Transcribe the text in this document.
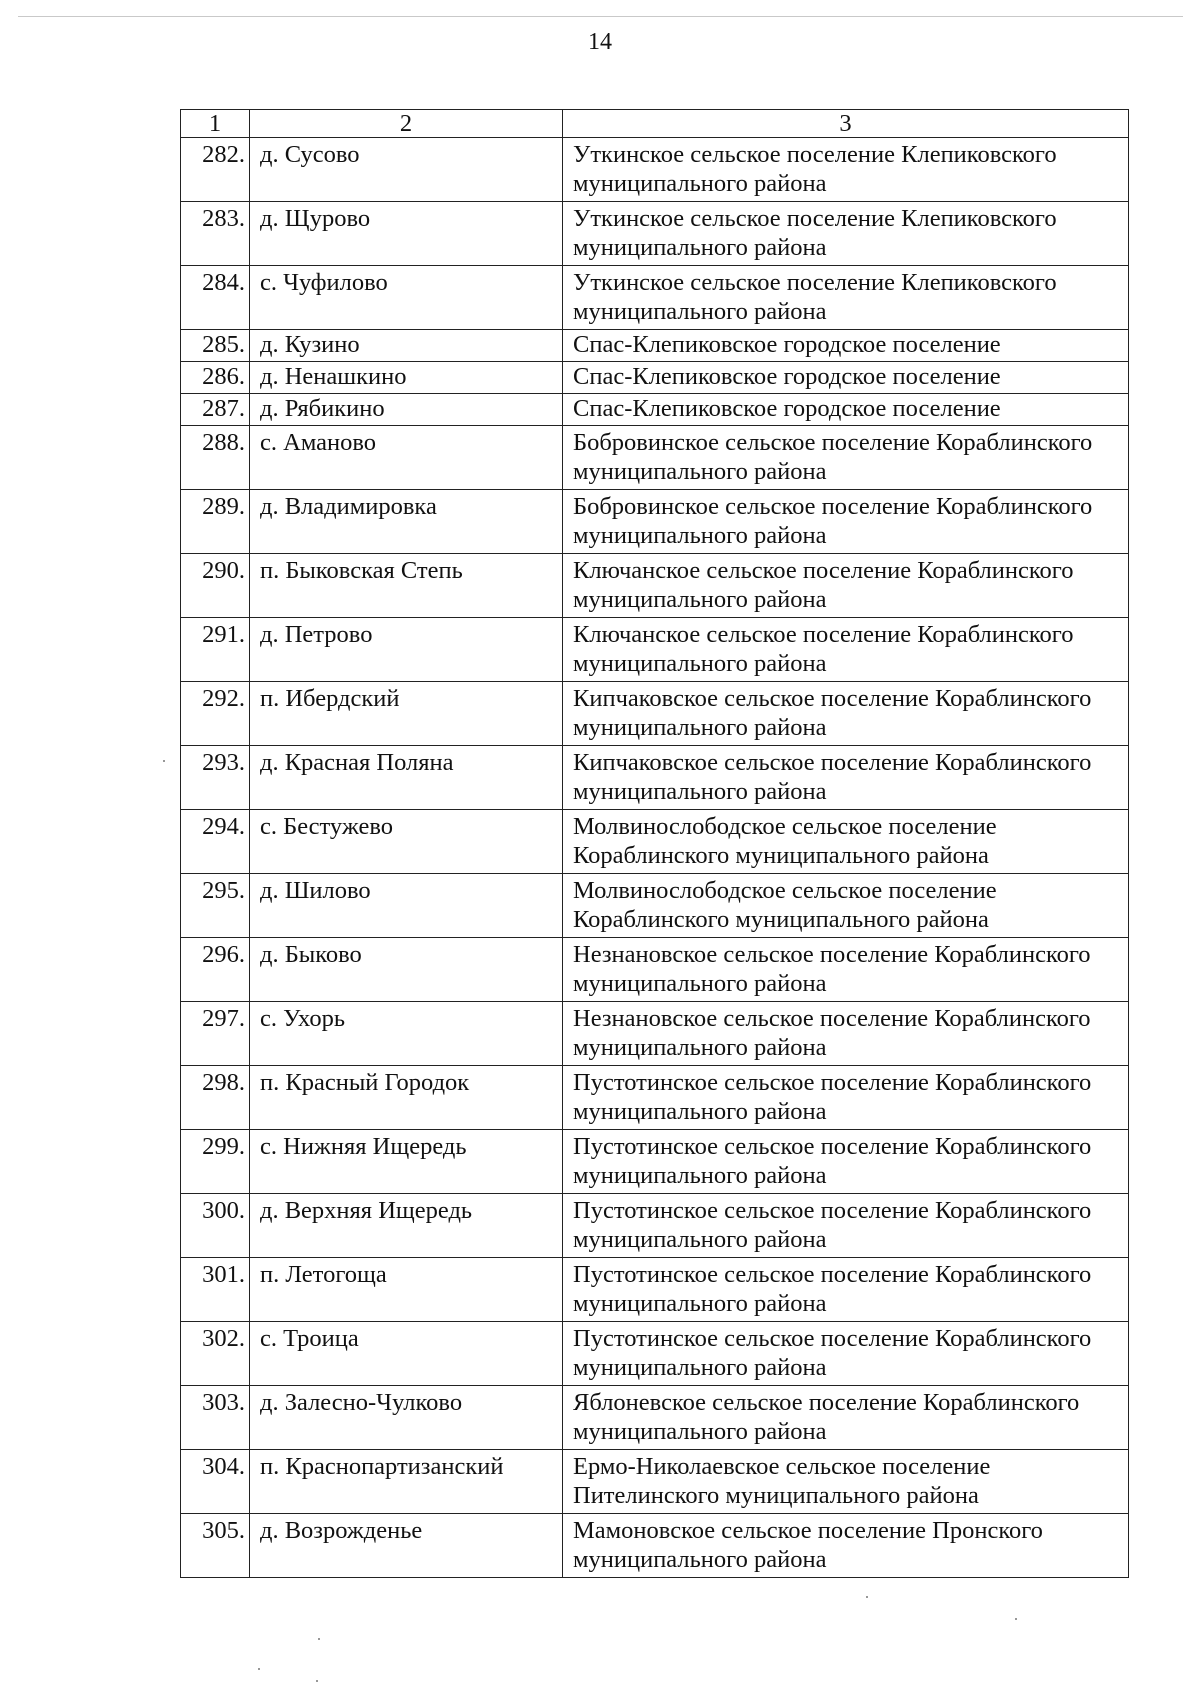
14
1	2	3
282.	д. Сусово	Уткинское сельское поселение Клепиковского муниципального района
283.	д. Щурово	Уткинское сельское поселение Клепиковского муниципального района
284.	с. Чуфилово	Уткинское сельское поселение Клепиковского муниципального района
285.	д. Кузино	Спас-Клепиковское городское поселение
286.	д. Ненашкино	Спас-Клепиковское городское поселение
287.	д. Рябикино	Спас-Клепиковское городское поселение
288.	с. Аманово	Бобровинское сельское поселение Кораблинского муниципального района
289.	д. Владимировка	Бобровинское сельское поселение Кораблинского муниципального района
290.	п. Быковская Степь	Ключанское сельское поселение Кораблинского муниципального района
291.	д. Петрово	Ключанское сельское поселение Кораблинского муниципального района
292.	п. Ибердский	Кипчаковское сельское поселение Кораблинского муниципального района
293.	д. Красная Поляна	Кипчаковское сельское поселение Кораблинского муниципального района
294.	с. Бестужево	Молвинослободское сельское поселение Кораблинского муниципального района
295.	д. Шилово	Молвинослободское сельское поселение Кораблинского муниципального района
296.	д. Быково	Незнановское сельское поселение Кораблинского муниципального района
297.	с. Ухорь	Незнановское сельское поселение Кораблинского муниципального района
298.	п. Красный Городок	Пустотинское сельское поселение Кораблинского муниципального района
299.	с. Нижняя Ищередь	Пустотинское сельское поселение Кораблинского муниципального района
300.	д. Верхняя Ищередь	Пустотинское сельское поселение Кораблинского муниципального района
301.	п. Летогоща	Пустотинское сельское поселение Кораблинского муниципального района
302.	с. Троица	Пустотинское сельское поселение Кораблинского муниципального района
303.	д. Залесно-Чулково	Яблоневское сельское поселение Кораблинского муниципального района
304.	п. Краснопартизанский	Ермо-Николаевское сельское поселение Пителинского муниципального района
305.	д. Возрожденье	Мамоновское сельское поселение Пронского муниципального района
